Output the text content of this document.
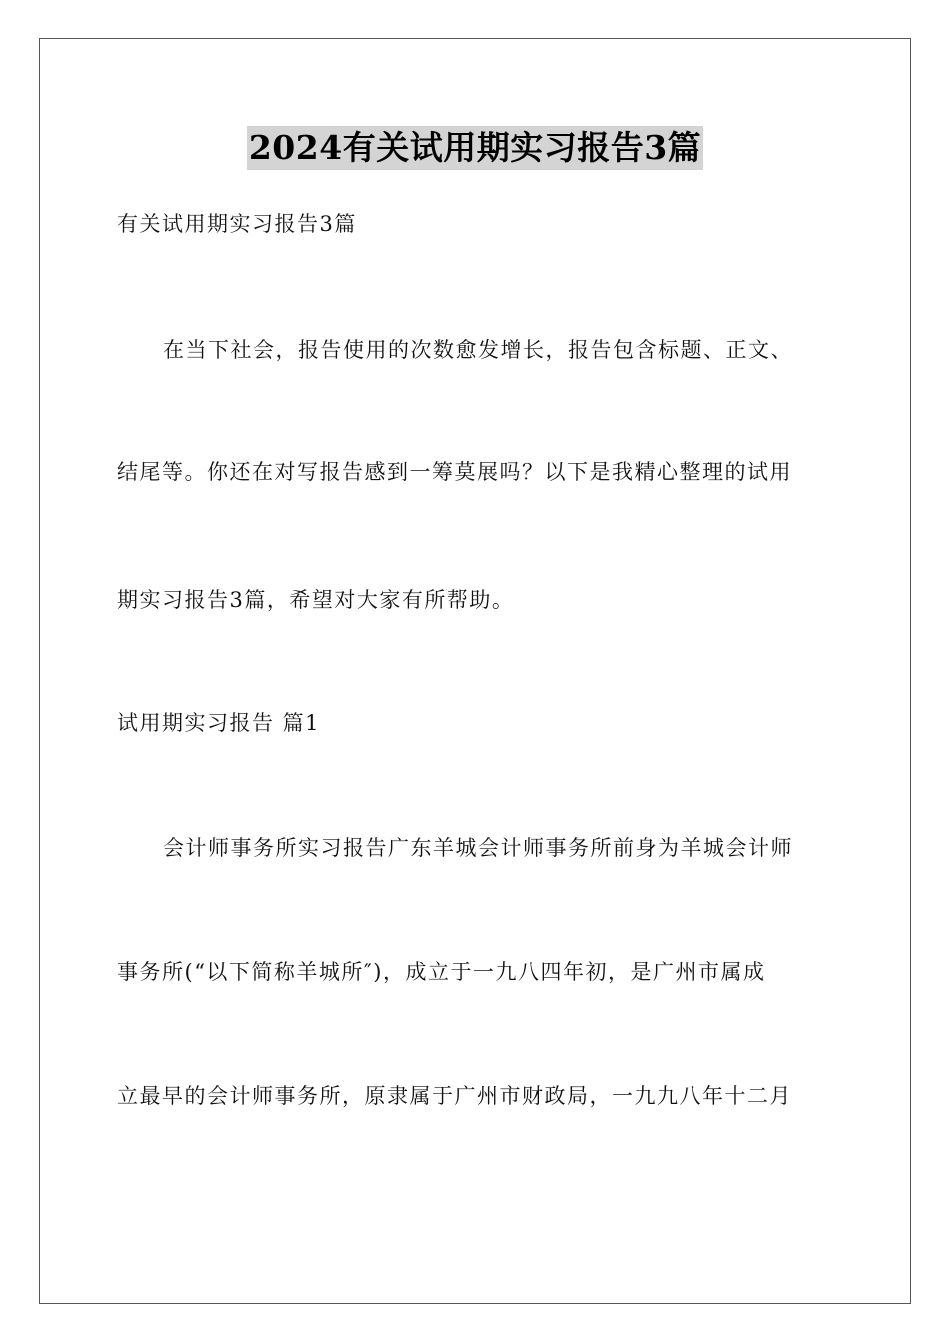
2024有关试用期实习报告3篇
有关试用期实习报告3篇
在当下社会，报告使用的次数愈发增长，报告包含标题、正文、
结尾等。你还在对写报告感到一筹莫展吗？以下是我精心整理的试用
期实习报告3篇，希望对大家有所帮助。
试用期实习报告 篇1
会计师事务所实习报告广东羊城会计师事务所前身为羊城会计师
事务所(“以下简称羊城所″)，成立于一九八四年初，是广州市属成
立最早的会计师事务所，原隶属于广州市财政局，一九九八年十二月
